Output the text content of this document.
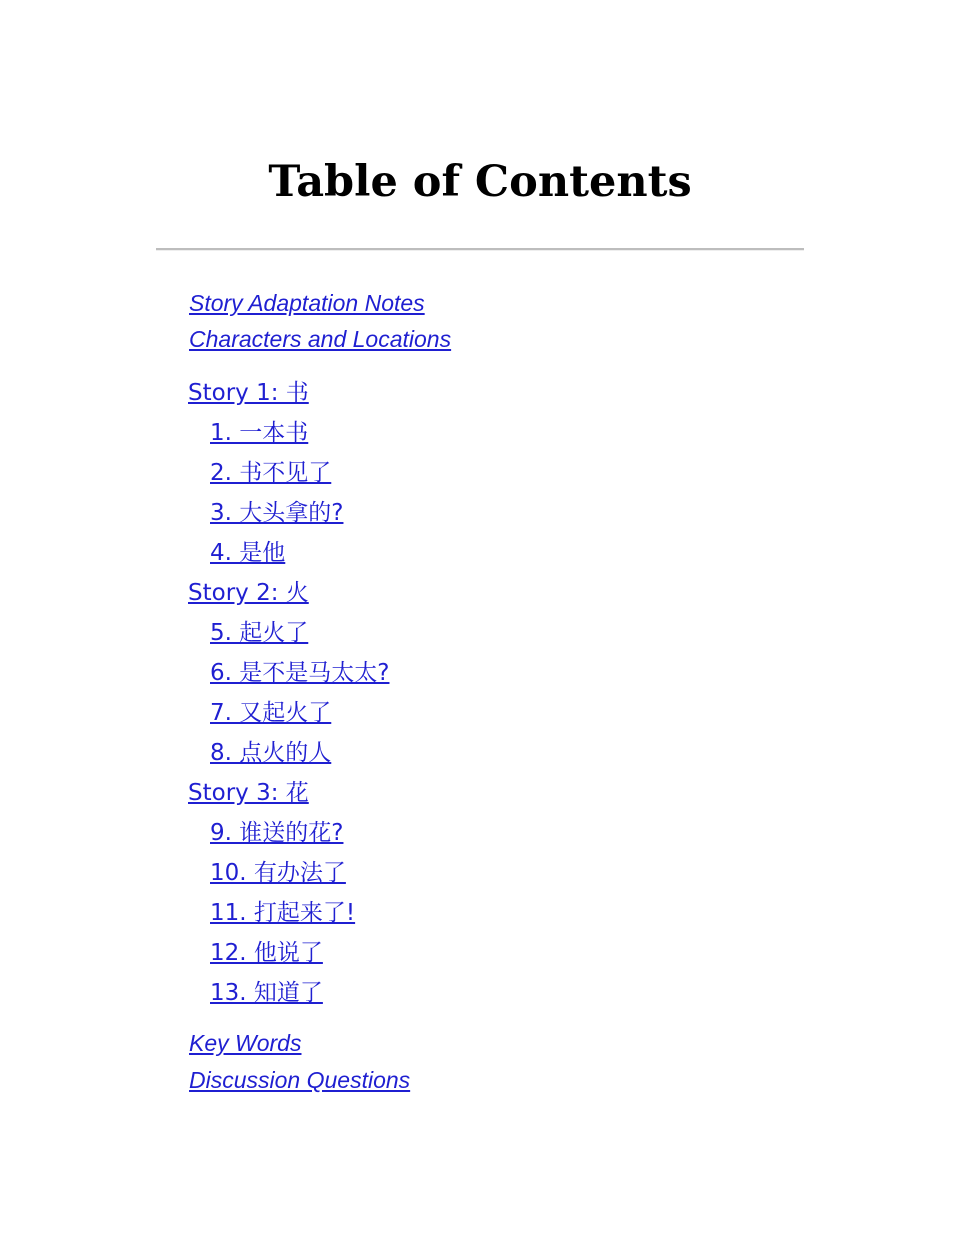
Table of Contents
Story Adaptation Notes
Characters and Locations
Story 1: 书
1. 一本书
2. 书不见了
3. 大头拿的?
4. 是他
Story 2: 火
5. 起火了
6. 是不是马太太?
7. 又起火了
8. 点火的人
Story 3: 花
9. 谁送的花?
10. 有办法了
11. 打起来了!
12. 他说了
13. 知道了
Key Words
Discussion Questions
